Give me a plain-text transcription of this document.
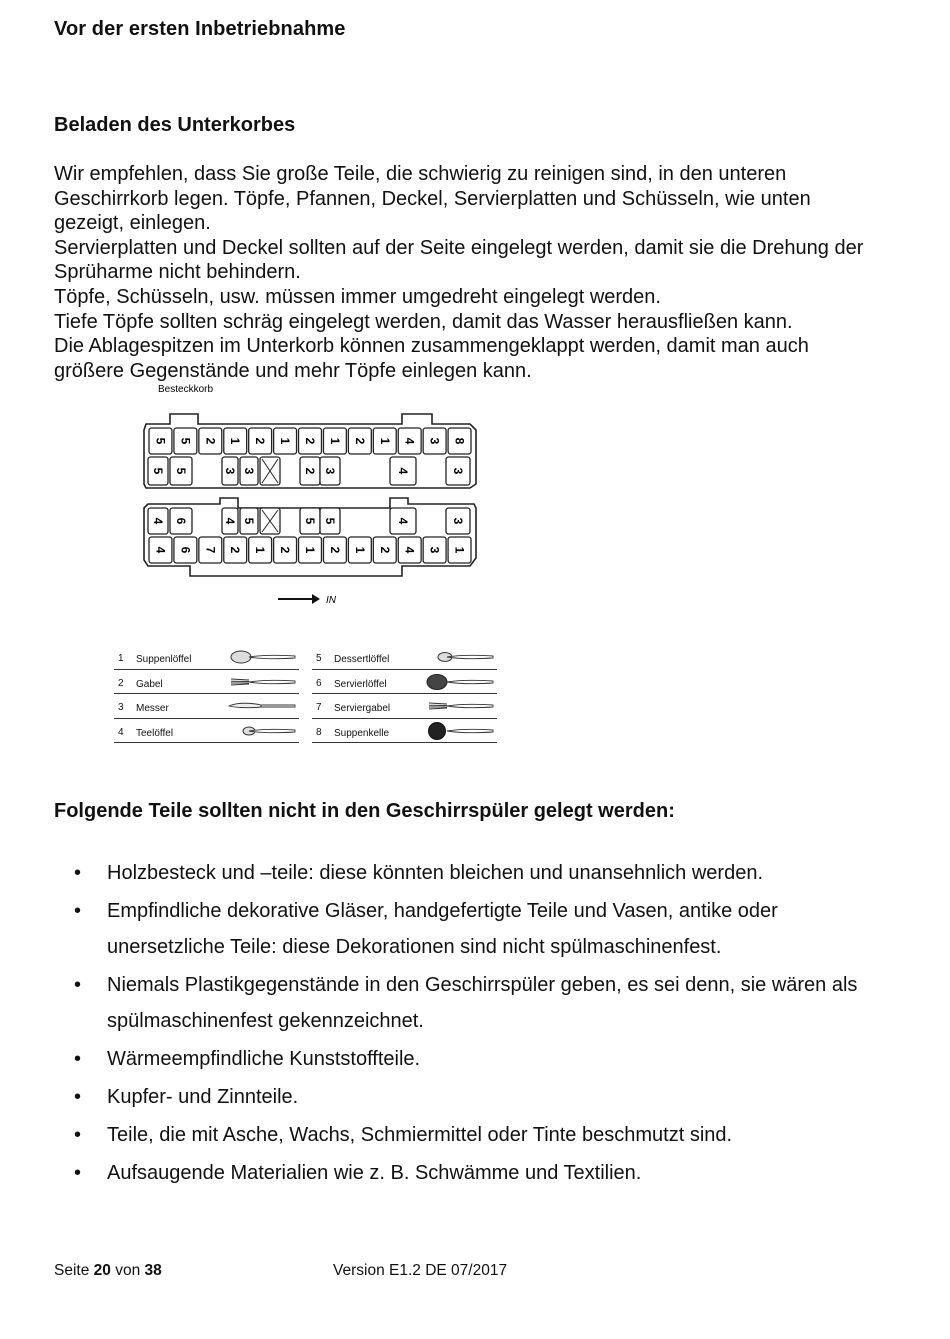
Vor der ersten Inbetriebnahme
Beladen des Unterkorbes

Wir empfehlen, dass Sie große Teile, die schwierig zu reinigen sind, in den unteren Geschirrkorb legen. Töpfe, Pfannen, Deckel, Servierplatten und Schüsseln, wie unten gezeigt, einlegen.

Servierplatten und Deckel sollten auf der Seite eingelegt werden, damit sie die Drehung der Sprüharme nicht behindern.

Töpfe, Schüsseln, usw. müssen immer umgedreht eingelegt werden.

Tiefe Töpfe sollten schräg eingelegt werden, damit das Wasser herausfließen kann.

Die Ablagespitzen im Unterkorb können zusammengeklappt werden, damit man auch größere Gegenstände und mehr Töpfe einlegen kann.

Besteckkorb
5 5 2 1 2 1 2 1 2 1 4 3 8
5 5	3 3	2 3	4	3
4 6	4 5	5 5	4	3
4 6 7 2 1 2 1 2 1 2 4 3 1
IN
1 Suppenlöffel
2 Gabel
3 Messer
4 Teelöffel
5 Dessertlöffel
6 Servierlöffel
7 Serviergabel
8 Suppenkelle
Folgende Teile sollten nicht in den Geschirrspüler gelegt werden:
• Holzbesteck und –teile: diese könnten bleichen und unansehnlich werden.
• Empfindliche dekorative Gläser, handgefertigte Teile und Vasen, antike oder unersetzliche Teile: diese Dekorationen sind nicht spülmaschinenfest.
• Niemals Plastikgegenstände in den Geschirrspüler geben, es sei denn, sie wären als spülmaschinenfest gekennzeichnet.
• Wärmeempfindliche Kunststoffteile.
• Kupfer- und Zinnteile.
• Teile, die mit Asche, Wachs, Schmiermittel oder Tinte beschmutzt sind.
• Aufsaugende Materialien wie z. B. Schwämme und Textilien.
Seite 20 von 38	Version E1.2 DE 07/2017
